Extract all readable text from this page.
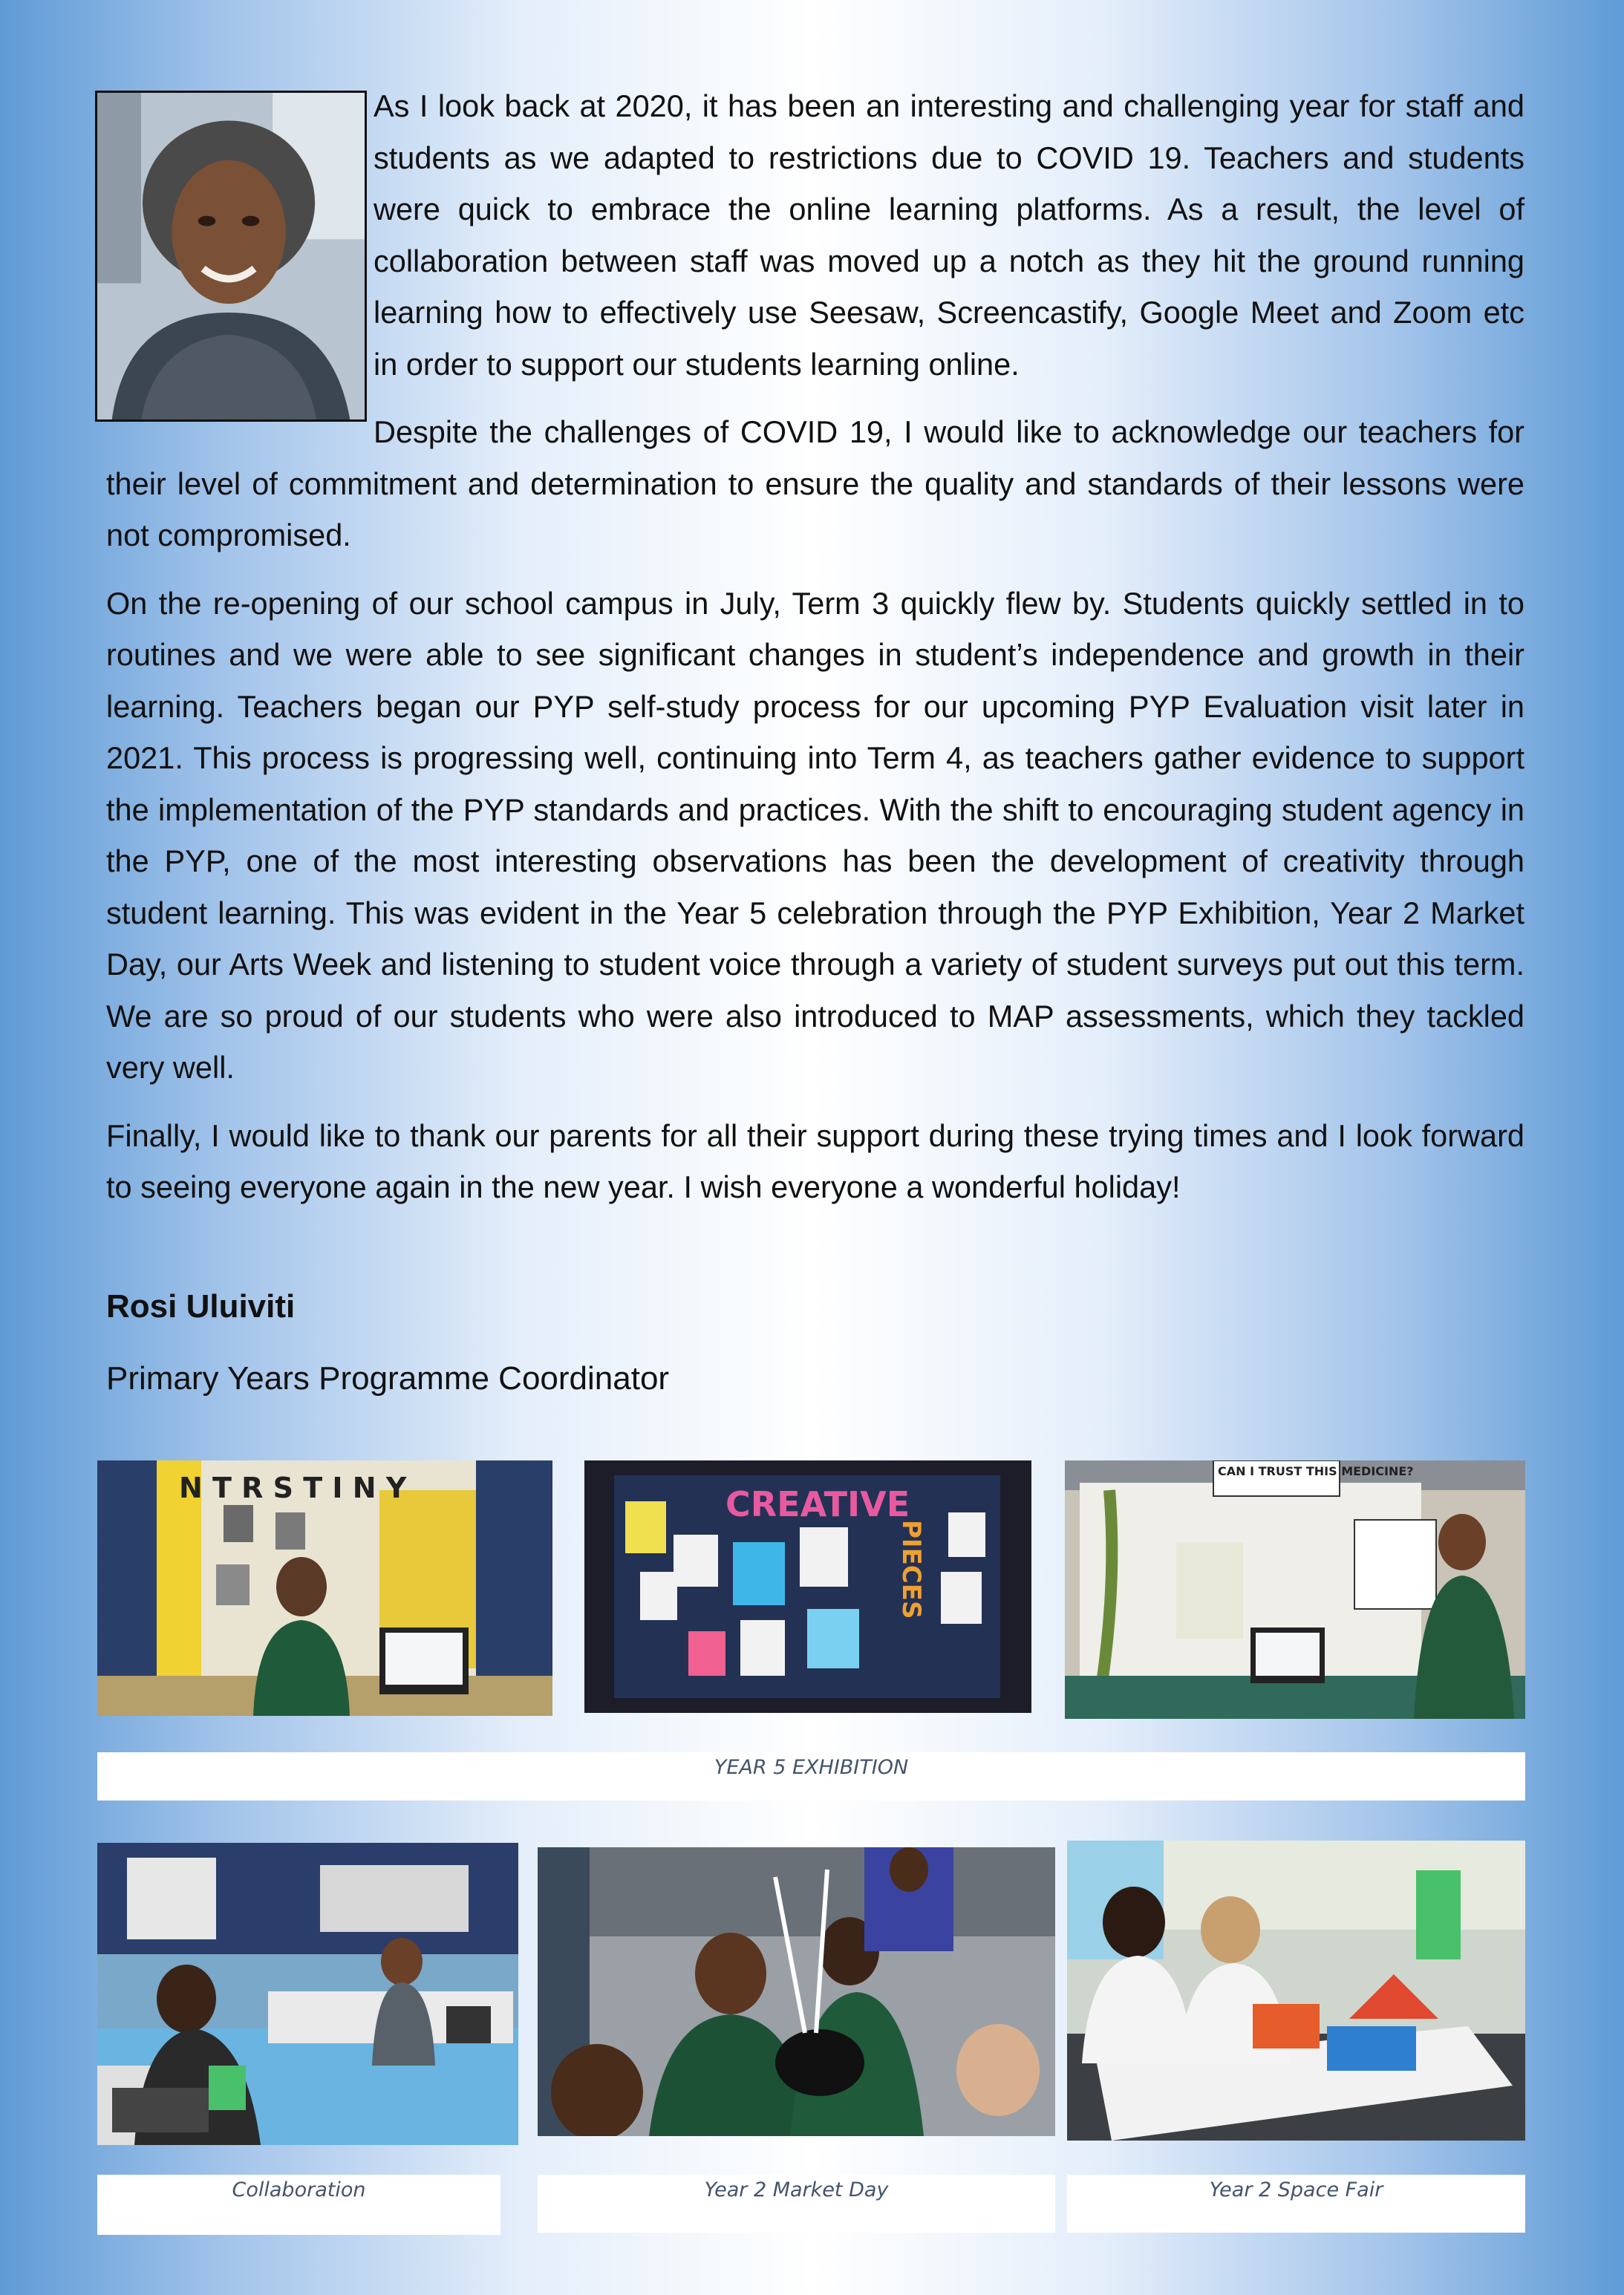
As I look back at 2020, it has been an interesting and challenging year for staff and students as we adapted to restrictions due to COVID 19. Teachers and students were quick to embrace the online learning platforms. As a result, the level of collaboration between staff was moved up a notch as they hit the ground running learning how to effectively use Seesaw, Screencastify, Google Meet and Zoom etc in order to support our students learning online.

Despite the challenges of COVID 19, I would like to acknowledge our teachers for their level of commitment and determination to ensure the quality and standards of their lessons were not compromised.

On the re-opening of our school campus in July, Term 3 quickly flew by. Students quickly settled in to routines and we were able to see significant changes in student’s independence and growth in their learning. Teachers began our PYP self-study process for our upcoming PYP Evaluation visit later in 2021. This process is progressing well, continuing into Term 4, as teachers gather evidence to support the implementation of the PYP standards and practices. With the shift to encouraging student agency in the PYP, one of the most interesting observations has been the development of creativity through student learning. This was evident in the Year 5 celebration through the PYP Exhibition, Year 2 Market Day, our Arts Week and listening to student voice through a variety of student surveys put out this term. We are so proud of our students who were also introduced to MAP assessments, which they tackled very well.

Finally, I would like to thank our parents for all their support during these trying times and I look forward to seeing everyone again in the new year. I wish everyone a wonderful holiday!

Rosi Uluiviti
Primary Years Programme Coordinator
N T R S T I N Y	CREATIVE
PIECES
CAN I TRUST THIS MEDICINE?
YEAR 5 EXHIBITION
Collaboration	Year 2 Market Day	Year 2 Space Fair
